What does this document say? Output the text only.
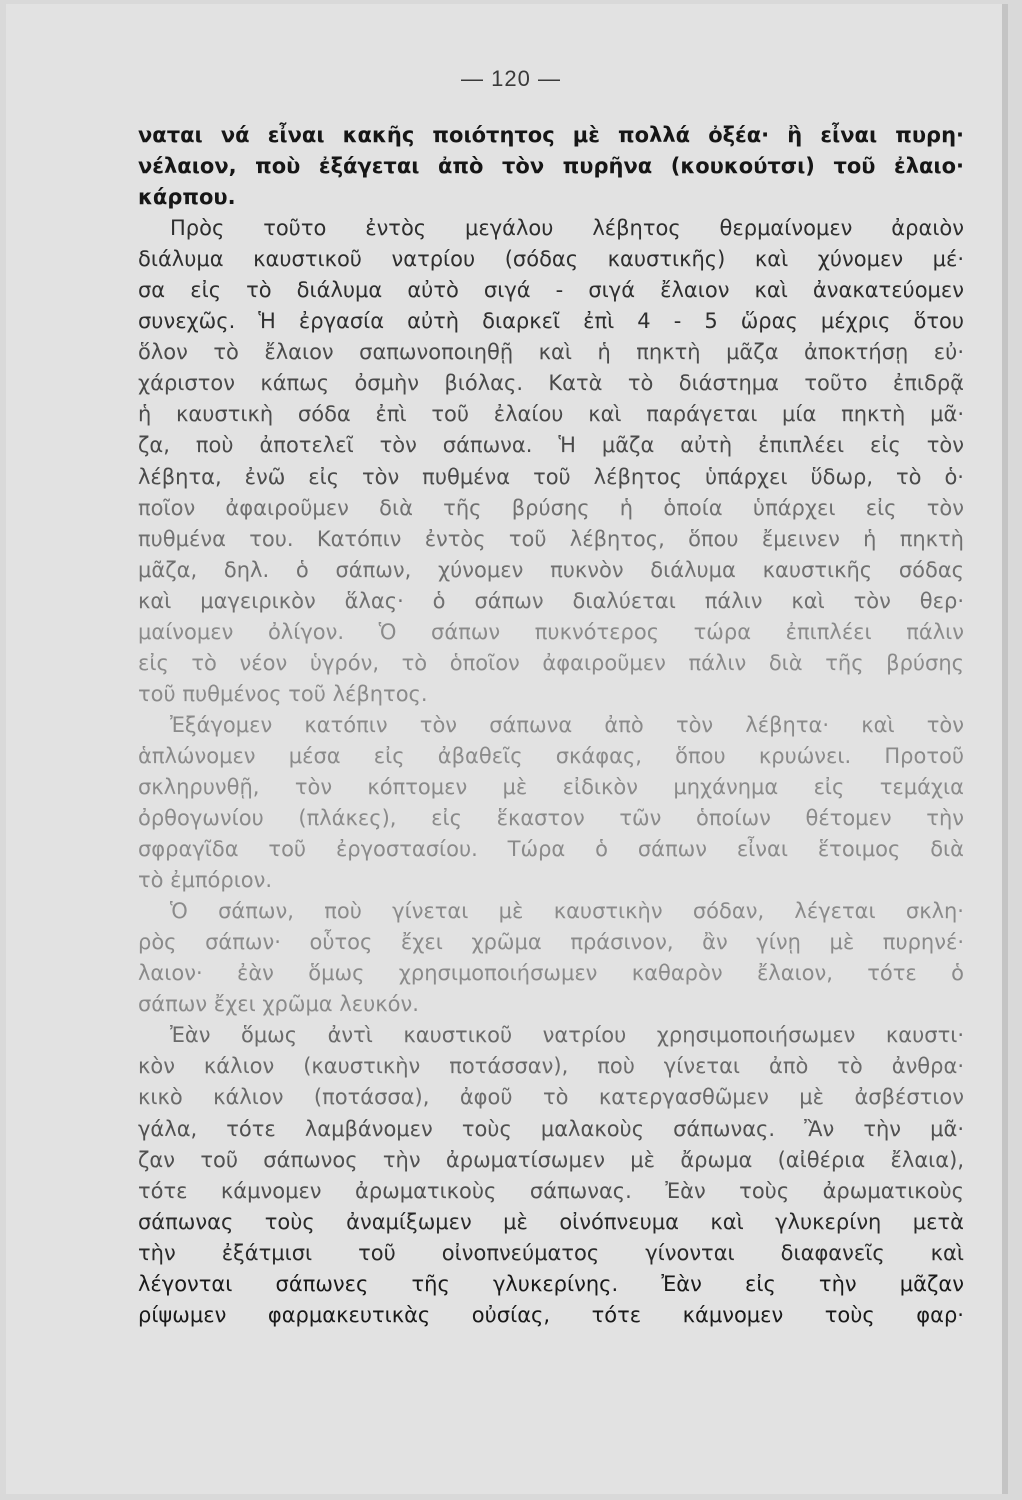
— 120 —
ναται νά εἶναι κακῆς ποιότητος μὲ πολλά ὀξέα· ἢ εἶναι πυρη·
νέλαιον, ποὺ ἐξάγεται ἀπὸ τὸν πυρῆνα (κουκούτσι) τοῦ ἐλαιο·
κάρπου.
Πρὸς τοῦτο ἐντὸς μεγάλου λέβητος θερμαίνομεν ἀραιὸν
διάλυμα καυστικοῦ νατρίου (σόδας καυστικῆς) καὶ χύνομεν μέ·
σα εἰς τὸ διάλυμα αὐτὸ σιγά - σιγά ἔλαιον καὶ ἀνακατεύομεν
συνεχῶς. Ἡ ἐργασία αὐτὴ διαρκεῖ ἐπὶ 4 - 5 ὥρας μέχρις ὅτου
ὅλον τὸ ἔλαιον σαπωνοποιηθῇ καὶ ἡ πηκτὴ μᾶζα ἀποκτήσῃ εὐ·
χάριστον κάπως ὀσμὴν βιόλας. Κατὰ τὸ διάστημα τοῦτο ἐπιδρᾷ
ἡ καυστικὴ σόδα ἐπὶ τοῦ ἐλαίου καὶ παράγεται μία πηκτὴ μᾶ·
ζα, ποὺ ἀποτελεῖ τὸν σάπωνα. Ἡ μᾶζα αὐτὴ ἐπιπλέει εἰς τὸν
λέβητα, ἐνῶ εἰς τὸν πυθμένα τοῦ λέβητος ὑπάρχει ὕδωρ, τὸ ὁ·
ποῖον ἀφαιροῦμεν διὰ τῆς βρύσης ἡ ὁποία ὑπάρχει εἰς τὸν
πυθμένα του. Κατόπιν ἐντὸς τοῦ λέβητος, ὅπου ἔμεινεν ἡ πηκτὴ
μᾶζα, δηλ. ὁ σάπων, χύνομεν πυκνὸν διάλυμα καυστικῆς σόδας
καὶ μαγειρικὸν ἅλας· ὁ σάπων διαλύεται πάλιν καὶ τὸν θερ·
μαίνομεν ὀλίγον. Ὁ σάπων πυκνότερος τώρα ἐπιπλέει πάλιν
εἰς τὸ νέον ὑγρόν, τὸ ὁποῖον ἀφαιροῦμεν πάλιν διὰ τῆς βρύσης
τοῦ πυθμένος τοῦ λέβητος.
Ἐξάγομεν κατόπιν τὸν σάπωνα ἀπὸ τὸν λέβητα· καὶ τὸν
ἁπλώνομεν μέσα εἰς ἀβαθεῖς σκάφας, ὅπου κρυώνει. Προτοῦ
σκληρυνθῇ, τὸν κόπτομεν μὲ εἰδικὸν μηχάνημα εἰς τεμάχια
ὀρθογωνίου (πλάκες), εἰς ἕκαστον τῶν ὁποίων θέτομεν τὴν
σφραγῖδα τοῦ ἐργοστασίου. Τώρα ὁ σάπων εἶναι ἕτοιμος διὰ
τὸ ἐμπόριον.
Ὁ σάπων, ποὺ γίνεται μὲ καυστικὴν σόδαν, λέγεται σκλη·
ρὸς σάπων· οὗτος ἔχει χρῶμα πράσινον, ἂν γίνῃ μὲ πυρηνέ·
λαιον· ἐὰν ὅμως χρησιμοποιήσωμεν καθαρὸν ἔλαιον, τότε ὁ
σάπων ἔχει χρῶμα λευκόν.
Ἐὰν ὅμως ἀντὶ καυστικοῦ νατρίου χρησιμοποιήσωμεν καυστι·
κὸν κάλιον (καυστικὴν ποτάσσαν), ποὺ γίνεται ἀπὸ τὸ ἀνθρα·
κικὸ κάλιον (ποτάσσα), ἀφοῦ τὸ κατεργασθῶμεν μὲ ἀσβέστιον
γάλα, τότε λαμβάνομεν τοὺς μαλακοὺς σάπωνας. Ἂν τὴν μᾶ·
ζαν τοῦ σάπωνος τὴν ἀρωματίσωμεν μὲ ἄρωμα (αἰθέρια ἔλαια),
τότε κάμνομεν ἀρωματικοὺς σάπωνας. Ἐὰν τοὺς ἀρωματικοὺς
σάπωνας τοὺς ἀναμίξωμεν μὲ οἰνόπνευμα καὶ γλυκερίνη μετὰ
τὴν ἐξάτμισι τοῦ οἰνοπνεύματος γίνονται διαφανεῖς καὶ
λέγονται σάπωνες τῆς γλυκερίνης. Ἐὰν εἰς τὴν μᾶζαν
ρίψωμεν φαρμακευτικὰς οὐσίας, τότε κάμνομεν τοὺς φαρ·
